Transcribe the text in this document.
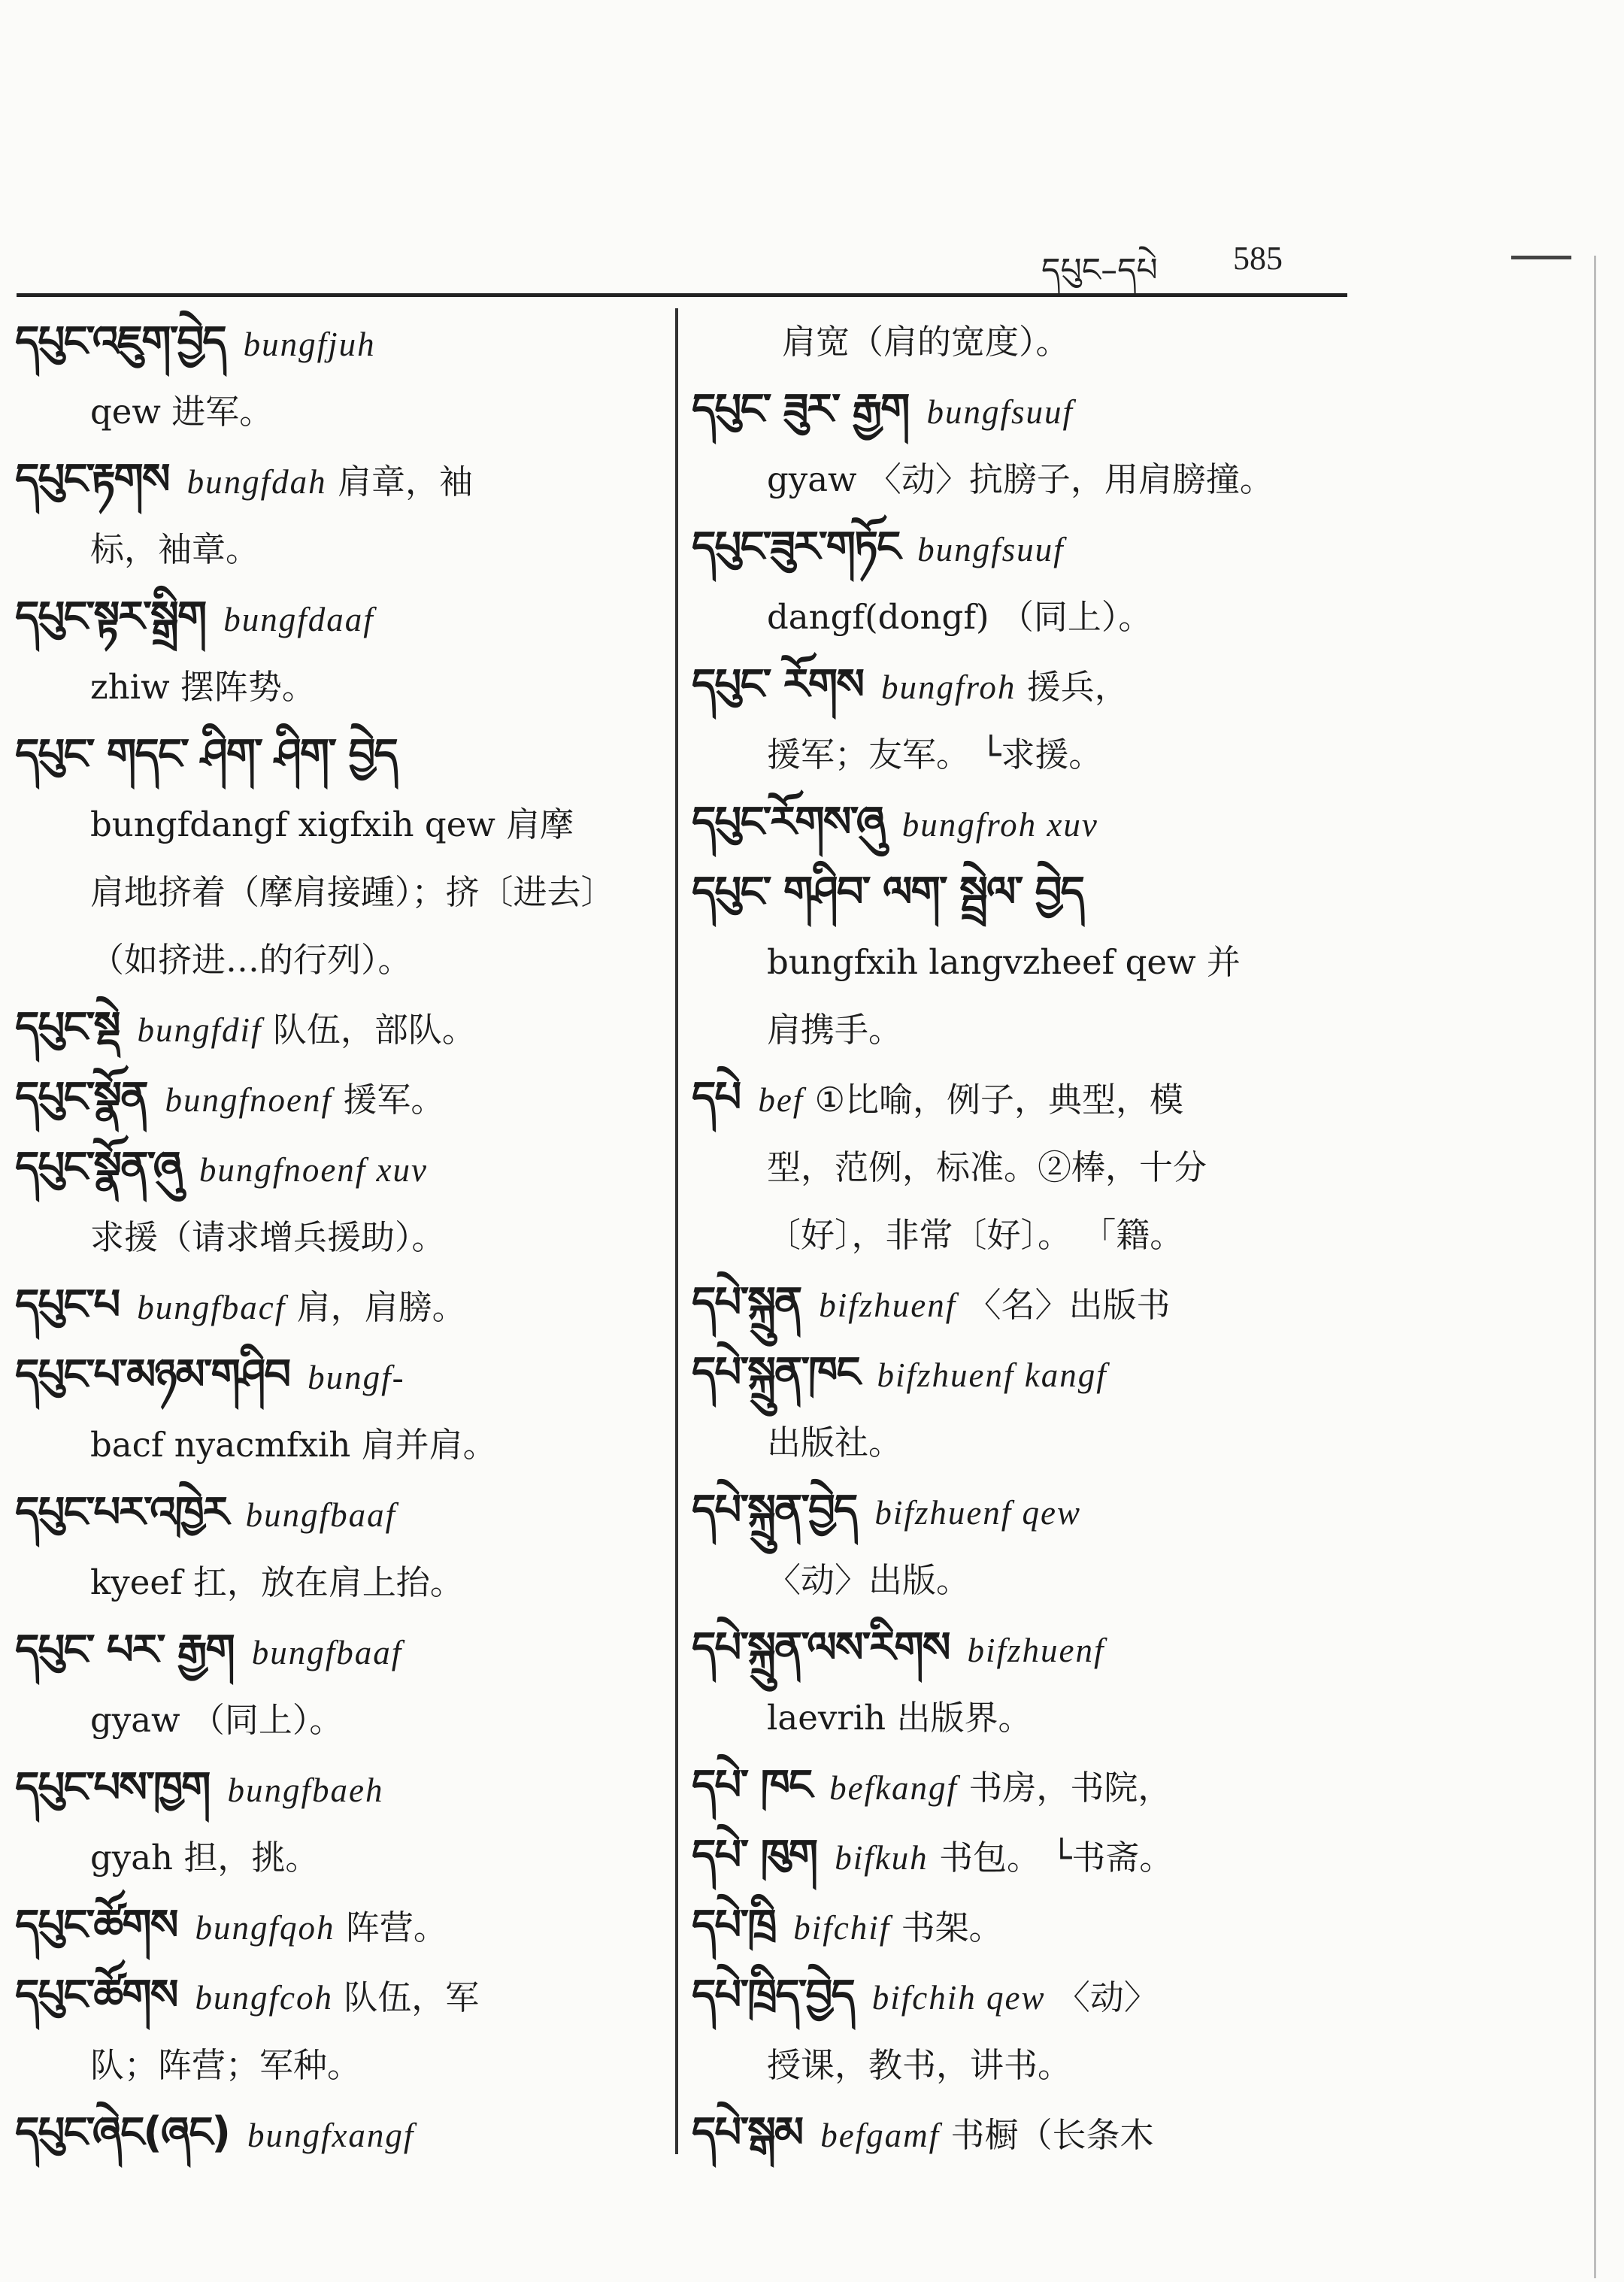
དཔུང–དཔེ 585
དཔུང་འཇུག་བྱེད bungfjuh
qew 进军。
དཔུང་རྟགས bungfdah 肩章，袖
标，袖章。
དཔུང་སྟར་སྒྲིག bungfdaaf
zhiw 摆阵势。
དཔུང་ གདང་ ཤིག་ ཤིག་ བྱེད
bungfdangf xigfxih qew 肩摩
肩地挤着（摩肩接踵）；挤〔进去〕
（如挤进…的行列）。
དཔུང་སྡེ bungfdif 队伍，部队。
དཔུང་སྣོན bungfnoenf 援军。
དཔུང་སྣོན་ཞུ bungfnoenf xuv
求援（请求增兵援助）。
དཔུང་པ bungfbacf 肩，肩膀。
དཔུང་པ་མཉམ་གཤིབ bungf-
bacf nyacmfxih 肩并肩。
དཔུང་པར་འཁྱེར bungfbaaf
kyeef 扛，放在肩上抬。
དཔུང་ པར་ རྒྱག bungfbaaf
gyaw （同上）。
དཔུང་པས་ཁྱག bungfbaeh
gyah 担，挑。
དཔུང་ཚོགས bungfqoh 阵营。
དཔུང་ཚོགས bungfcoh 队伍，军
队；阵营；军种。
དཔུང་ཞེང(ཞང) bungfxangf
肩宽（肩的宽度）。
དཔུང་ ཟུར་ རྒྱག bungfsuuf
gyaw 〈动〉抗膀子，用肩膀撞。
དཔུང་ཟུར་གཏོང bungfsuuf
dangf(dongf) （同上）。
དཔུང་ རོགས bungfroh 援兵，
援军；友军。 └求援。
དཔུང་རོགས་ཞུ bungfroh xuv
དཔུང་ གཤིབ་ ལག་ སྦྲེལ་ བྱེད
bungfxih langvzheef qew 并
肩携手。
དཔེ bef ①比喻，例子，典型，模
型，范例，标准。②棒，十分
〔好〕，非常〔好〕。 「籍。
དཔེ་སྐྲུན bifzhuenf 〈名〉出版书
དཔེ་སྐྲུན་ཁང bifzhuenf kangf
出版社。
དཔེ་སྐྲུན་བྱེད bifzhuenf qew
〈动〉出版。
དཔེ་སྐྲུན་ལས་རིགས bifzhuenf
laevrih 出版界。
དཔེ་ ཁང befkangf 书房，书院，
དཔེ་ ཁུག bifkuh 书包。 └书斋。
དཔེ་ཁྲི bifchif 书架。
དཔེ་ཁྲིད་བྱེད bifchih qew 〈动〉
授课，教书，讲书。
དཔེ་སྒམ befgamf 书橱（长条木
